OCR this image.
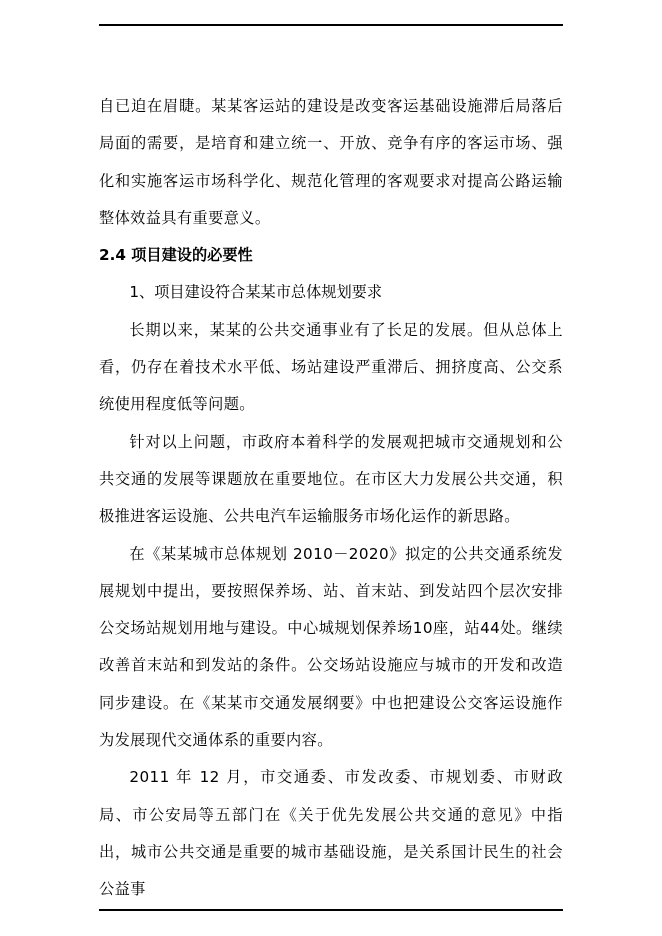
自已迫在眉睫。某某客运站的建设是改变客运基础设施滞后局落后局面的需要，是培育和建立统一、开放、竞争有序的客运市场、强化和实施客运市场科学化、规范化管理的客观要求对提高公路运输整体效益具有重要意义。

2.4 项目建设的必要性

1、项目建设符合某某市总体规划要求

长期以来，某某的公共交通事业有了长足的发展。但从总体上看，仍存在着技术水平低、场站建设严重滞后、拥挤度高、公交系统使用程度低等问题。

针对以上问题，市政府本着科学的发展观把城市交通规划和公共交通的发展等课题放在重要地位。在市区大力发展公共交通，积极推进客运设施、公共电汽车运输服务市场化运作的新思路。

在《某某城市总体规划 2010－2020》拟定的公共交通系统发展规划中提出，要按照保养场、站、首末站、到发站四个层次安排公交场站规划用地与建设。中心城规划保养场10座，站44处。继续改善首末站和到发站的条件。公交场站设施应与城市的开发和改造同步建设。在《某某市交通发展纲要》中也把建设公交客运设施作为发展现代交通体系的重要内容。

2011 年 12 月，市交通委、市发改委、市规划委、市财政局、市公安局等五部门在《关于优先发展公共交通的意见》中指出，城市公共交通是重要的城市基础设施，是关系国计民生的社会公益事
